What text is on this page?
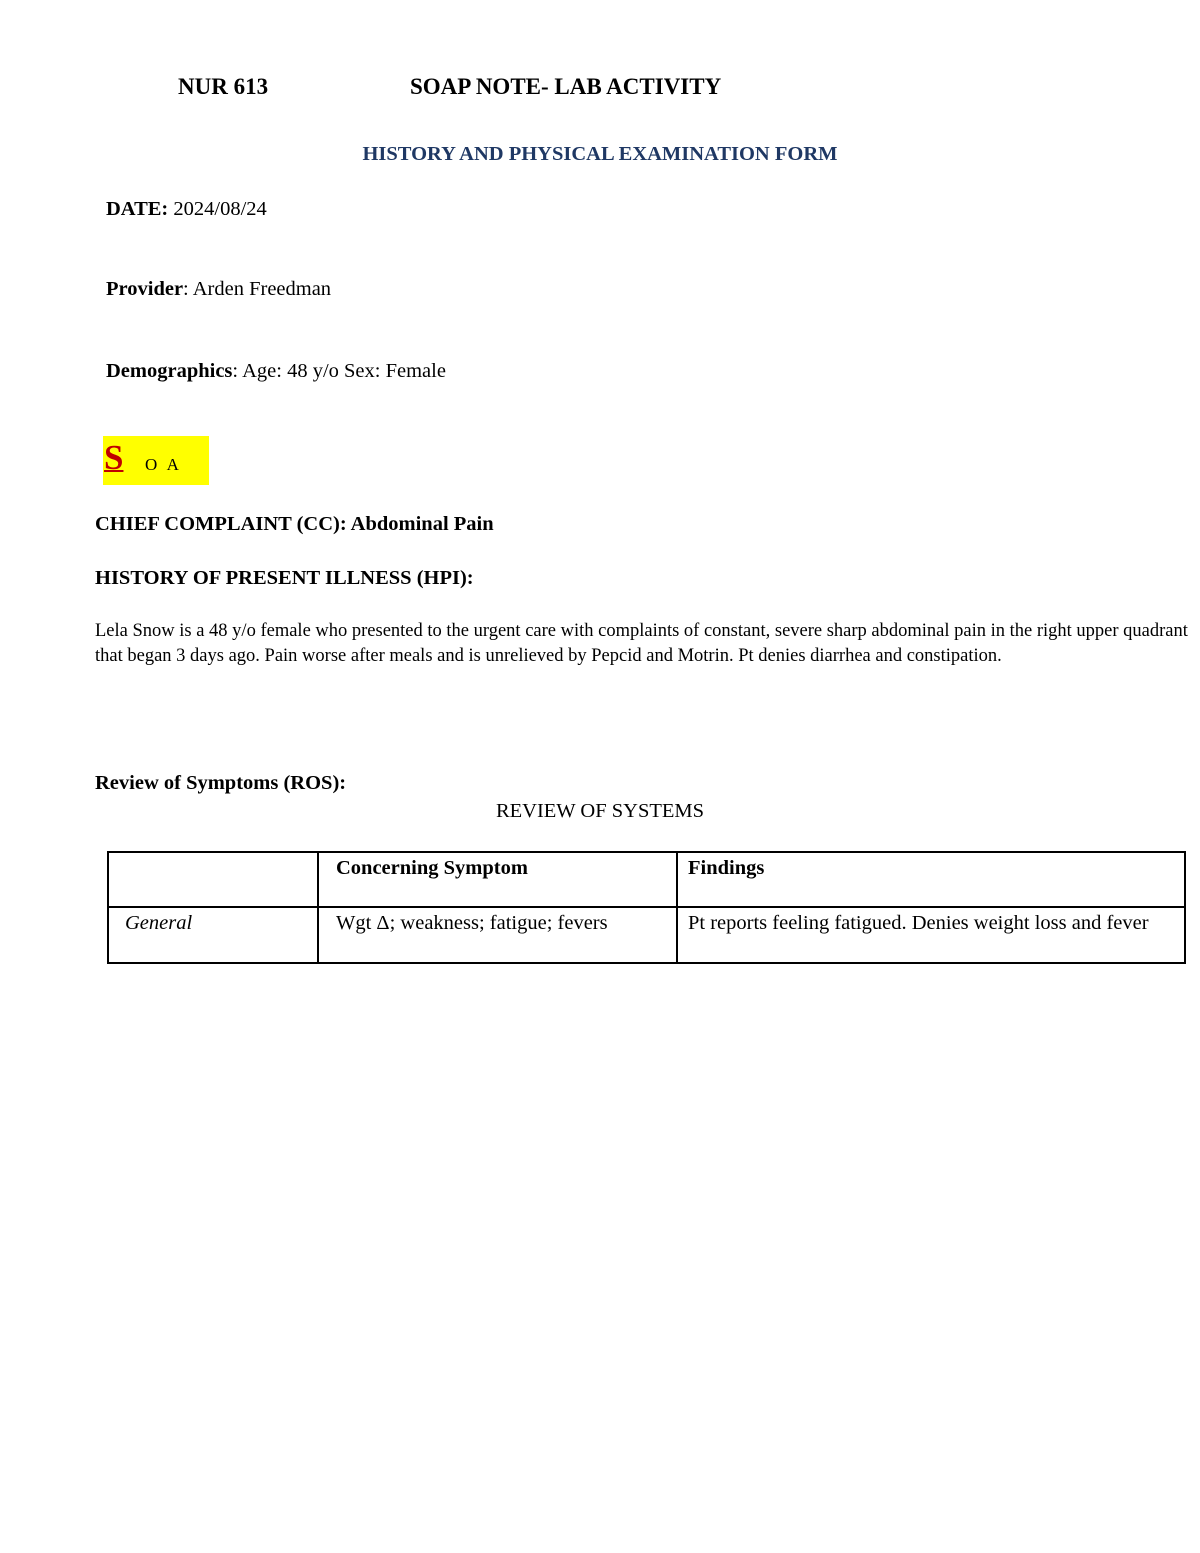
NUR 613	SOAP NOTE- LAB ACTIVITY
HISTORY AND PHYSICAL EXAMINATION FORM
DATE: 2024/08/24
Provider: Arden Freedman
Demographics: Age: 48 y/o Sex: Female
S O A
CHIEF COMPLAINT (CC): Abdominal Pain
HISTORY OF PRESENT ILLNESS (HPI):

Lela Snow is a 48 y/o female who presented to the urgent care with complaints of constant, severe sharp abdominal pain in the right upper quadrant that began 3 days ago. Pain worse after meals and is unrelieved by Pepcid and Motrin. Pt denies diarrhea and constipation.

Review of Symptoms (ROS):
REVIEW OF SYSTEMS
	Concerning Symptom	Findings
General	Wgt Δ; weakness; fatigue; fevers	Pt reports feeling fatigued. Denies weight loss and fever
